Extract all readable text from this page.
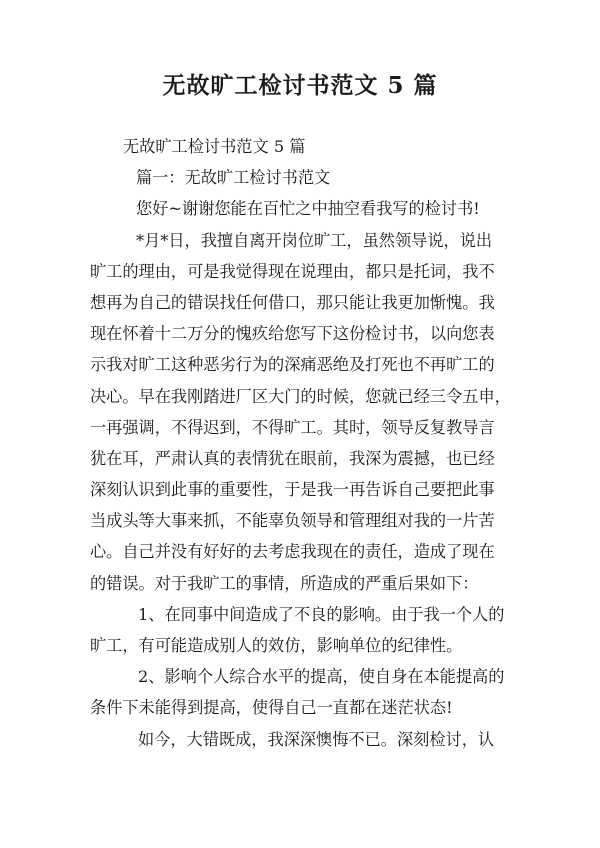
无故旷工检讨书范文 5 篇
无故旷工检讨书范文 5 篇
篇一：无故旷工检讨书范文
您好~谢谢您能在百忙之中抽空看我写的检讨书!
*月*日，我擅自离开岗位旷工，虽然领导说，说出
旷工的理由，可是我觉得现在说理由，都只是托词，我不
想再为自己的错误找任何借口，那只能让我更加惭愧。我
现在怀着十二万分的愧疚给您写下这份检讨书，以向您表
示我对旷工这种恶劣行为的深痛恶绝及打死也不再旷工的
决心。早在我刚踏进厂区大门的时候，您就已经三令五申，
一再强调，不得迟到，不得旷工。其时，领导反复教导言
犹在耳，严肃认真的表情犹在眼前，我深为震撼，也已经
深刻认识到此事的重要性，于是我一再告诉自己要把此事
当成头等大事来抓，不能辜负领导和管理组对我的一片苦
心。自己并没有好好的去考虑我现在的责任，造成了现在
的错误。对于我旷工的事情，所造成的严重后果如下：
1、在同事中间造成了不良的影响。由于我一个人的
旷工，有可能造成别人的效仿，影响单位的纪律性。
2、影响个人综合水平的提高，使自身在本能提高的
条件下未能得到提高，使得自己一直都在迷茫状态!
如今，大错既成，我深深懊悔不已。深刻检讨，认
